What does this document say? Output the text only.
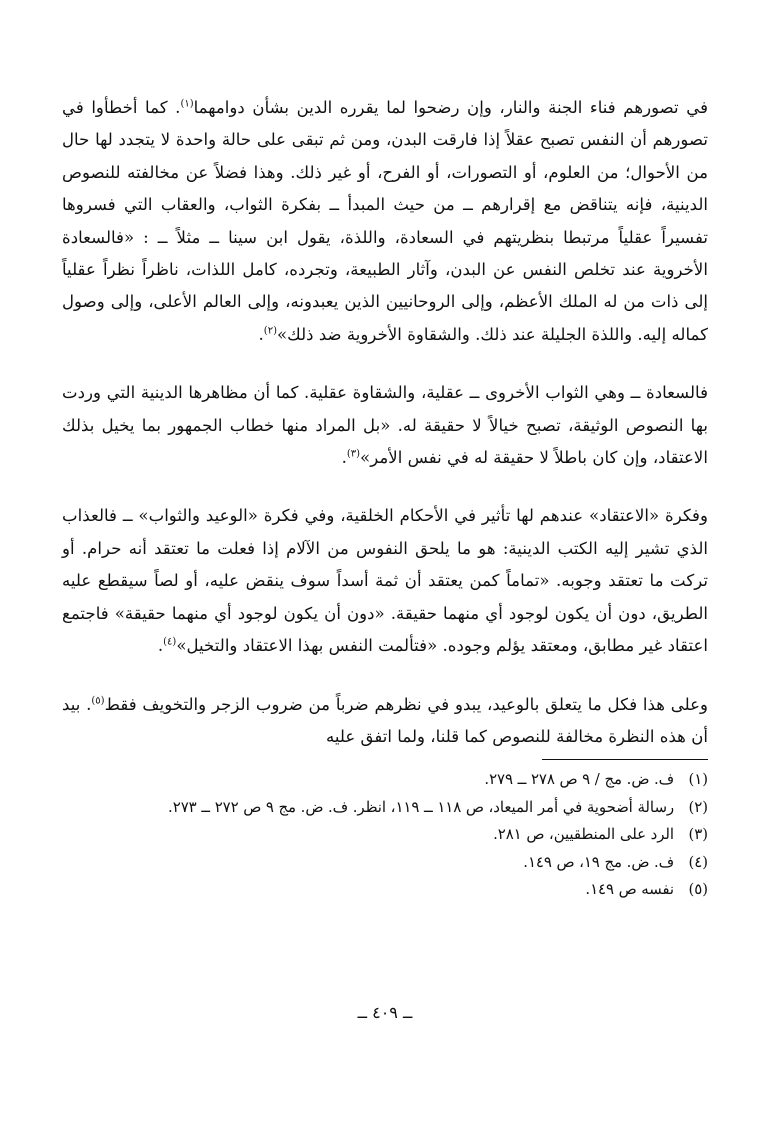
في تصورهم فناء الجنة والنار، وإن رضحوا لما يقرره الدين بشأن دوامهما$^{(١)}$. كما أخطأوا في تصورهم أن النفس تصبح عقلاً إذا فارقت البدن، ومن ثم تبقى على حالة واحدة لا يتجدد لها حال من الأحوال؛ من العلوم، أو التصورات، أو الفرح، أو غير ذلك. وهذا فضلاً عن مخالفته للنصوص الدينية، فإنه يتناقض مع إقرارهم ــ من حيث المبدأ ــ بفكرة الثواب، والعقاب التي فسروها تفسيراً عقلياً مرتبطا بنظريتهم في السعادة، واللذة، يقول ابن سينا ــ مثلاً ــ : «فالسعادة الأخروية عند تخلص النفس عن البدن، وآثار الطبيعة، وتجرده، كامل اللذات، ناظراً نظراً عقلياً إلى ذات من له الملك الأعظم، وإلى الروحانيين الذين يعبدونه، وإلى العالم الأعلى، وإلى وصول كماله إليه. واللذة الجليلة عند ذلك. والشقاوة الأخروية ضد ذلك»$^{(٢)}$.

فالسعادة ــ وهي الثواب الأخروى ــ عقلية، والشقاوة عقلية. كما أن مظاهرها الدينية التي وردت بها النصوص الوثيقة، تصبح خيالاً لا حقيقة له. «بل المراد منها خطاب الجمهور بما يخيل بذلك الاعتقاد، وإن كان باطلاً لا حقيقة له في نفس الأمر»$^{(٣)}$.

وفكرة «الاعتقاد» عندهم لها تأثير في الأحكام الخلقية، وفي فكرة «الوعيد والثواب» ــ فالعذاب الذي تشير إليه الكتب الدينية: هو ما يلحق النفوس من الآلام إذا فعلت ما تعتقد أنه حرام. أو تركت ما تعتقد وجوبه. «تماماً كمن يعتقد أن ثمة أسداً سوف ينقض عليه، أو لصاً سيقطع عليه الطريق، دون أن يكون لوجود أي منهما حقيقة. «دون أن يكون لوجود أي منهما حقيقة» فاجتمع اعتقاد غير مطابق، ومعتقد يؤلم وجوده. «فتألمت النفس بهذا الاعتقاد والتخيل»$^{(٤)}$.

وعلى هذا فكل ما يتعلق بالوعيد، يبدو في نظرهم ضرباً من ضروب الزجر والتخويف فقط$^{(٥)}$. بيد أن هذه النظرة مخالفة للنصوص كما قلنا، ولما اتفق عليه

(١)
ف. ض. مج / ٩ ص ٢٧٨ ــ ٢٧٩.
(٢)
رسالة أضحوية في أمر الميعاد، ص ١١٨ ــ ١١٩، انظر. ف. ض. مج ٩ ص ٢٧٢ ــ ٢٧٣.
(٣)
الرد على المنطقيين، ص ٢٨١.
(٤)
ف. ض. مج ١٩، ص ١٤٩.
(٥)
نفسه ص ١٤٩.
ــ ٤٠٩ ــ
